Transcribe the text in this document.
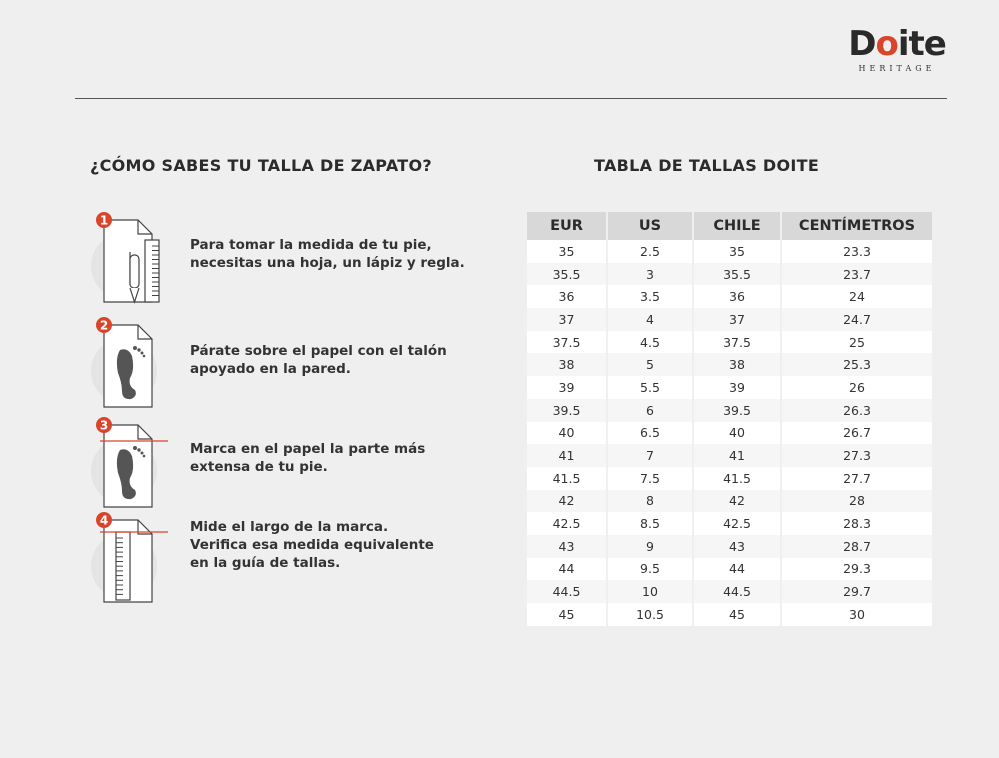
Doite
HERITAGE
¿CÓMO SABES TU TALLA DE ZAPATO?	TABLA DE TALLAS DOITE
1
Para tomar la medida de tu pie,
necesitas una hoja, un lápiz y regla.
2
Párate sobre el papel con el talón
apoyado en la pared.
3
Marca en el papel la parte más
extensa de tu pie.
4	Mide el largo de la marca.
Verifica esa medida equivalente
en la guía de tallas.
EUR	US	CHILE	CENTÍMETROS
35	2.5	35	23.3
35.5	3	35.5	23.7
36	3.5	36	24
37	4	37	24.7
37.5	4.5	37.5	25
38	5	38	25.3
39	5.5	39	26
39.5	6	39.5	26.3
40	6.5	40	26.7
41	7	41	27.3
41.5	7.5	41.5	27.7
42	8	42	28
42.5	8.5	42.5	28.3
43	9	43	28.7
44	9.5	44	29.3
44.5	10	44.5	29.7
45	10.5	45	30
